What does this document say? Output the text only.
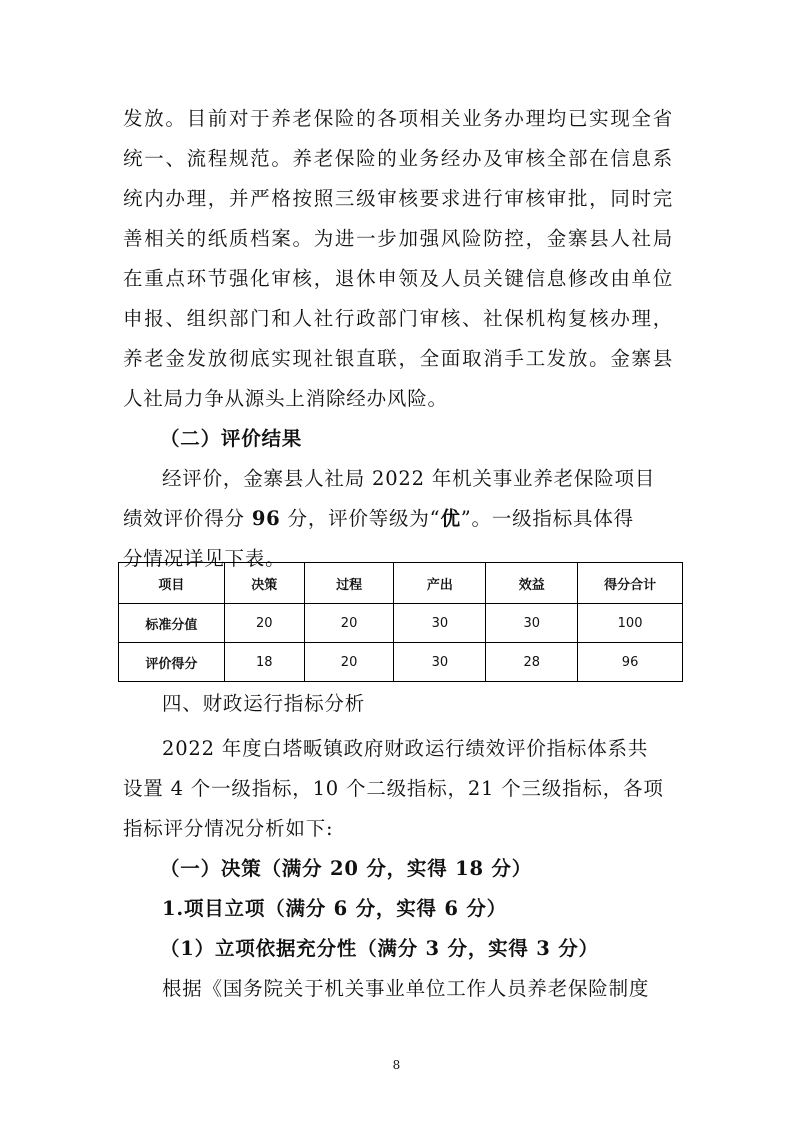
发放。目前对于养老保险的各项相关业务办理均已实现全省
统一、流程规范。养老保险的业务经办及审核全部在信息系
统内办理，并严格按照三级审核要求进行审核审批，同时完
善相关的纸质档案。为进一步加强风险防控，金寨县人社局
在重点环节强化审核，退休申领及人员关键信息修改由单位
申报、组织部门和人社行政部门审核、社保机构复核办理，
养老金发放彻底实现社银直联，全面取消手工发放。金寨县
人社局力争从源头上消除经办风险。
（二）评价结果
经评价，金寨县人社局 2022 年机关事业养老保险项目
绩效评价得分 96 分，评价等级为“优”。一级指标具体得
分情况详见下表。
项目	决策	过程	产出	效益	得分合计
标准分值	20	20	30	30	100
评价得分	18	20	30	28	96
四、财政运行指标分析
2022 年度白塔畈镇政府财政运行绩效评价指标体系共
设置 4 个一级指标，10 个二级指标，21 个三级指标，各项
指标评分情况分析如下:
（一）决策（满分 20 分，实得 18 分）
1.项目立项（满分 6 分，实得 6 分）
（1）立项依据充分性（满分 3 分，实得 3 分）
根据《国务院关于机关事业单位工作人员养老保险制度
8
